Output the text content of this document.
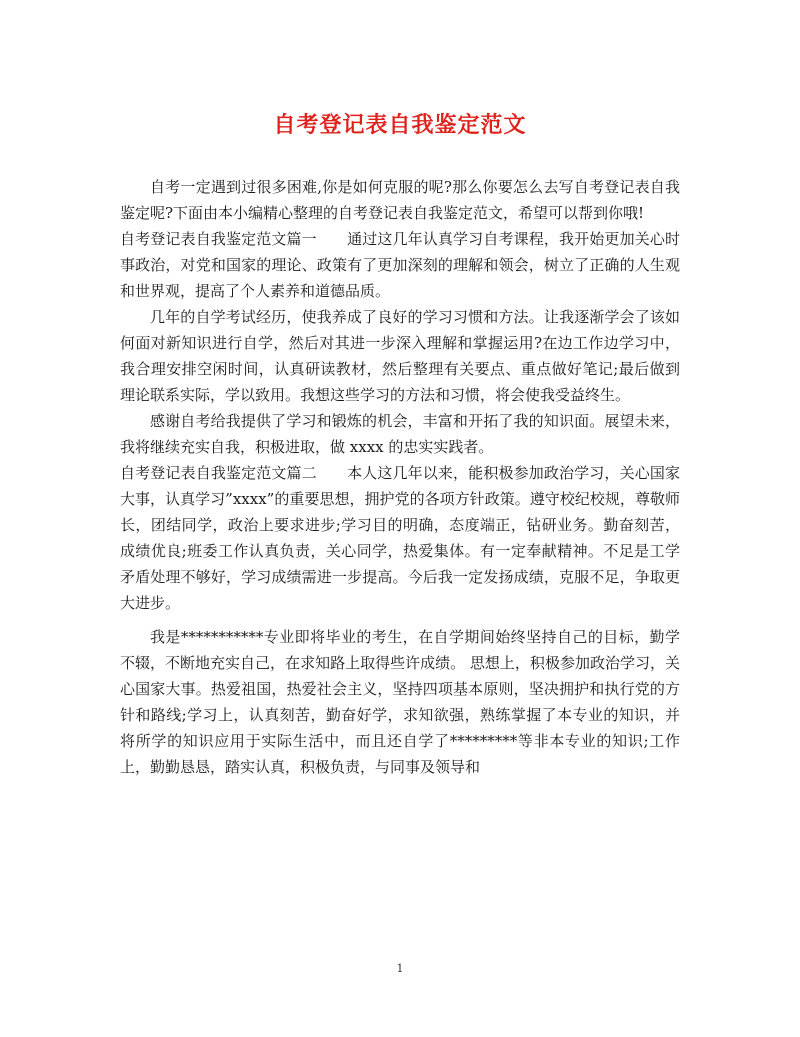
自考登记表自我鉴定范文

自考一定遇到过很多困难,你是如何克服的呢?那么你要怎么去写自考登记表自我鉴定呢?下面由本小编精心整理的自考登记表自我鉴定范文，希望可以帮到你哦!

自考登记表自我鉴定范文篇一　　通过这几年认真学习自考课程，我开始更加关心时事政治，对党和国家的理论、政策有了更加深刻的理解和领会，树立了正确的人生观和世界观，提高了个人素养和道德品质。

几年的自学考试经历，使我养成了良好的学习习惯和方法。让我逐渐学会了该如何面对新知识进行自学，然后对其进一步深入理解和掌握运用?在边工作边学习中，我合理安排空闲时间，认真研读教材，然后整理有关要点、重点做好笔记;最后做到理论联系实际，学以致用。我想这些学习的方法和习惯，将会使我受益终生。

感谢自考给我提供了学习和锻炼的机会，丰富和开拓了我的知识面。展望未来，我将继续充实自我，积极进取，做 xxxx 的忠实实践者。

自考登记表自我鉴定范文篇二　　本人这几年以来，能积极参加政治学习，关心国家大事，认真学习”xxxx”的重要思想，拥护党的各项方针政策。遵守校纪校规，尊敬师长，团结同学，政治上要求进步;学习目的明确，态度端正，钻研业务。勤奋刻苦，成绩优良;班委工作认真负责，关心同学，热爱集体。有一定奉献精神。不足是工学矛盾处理不够好，学习成绩需进一步提高。今后我一定发扬成绩，克服不足，争取更大进步。

我是***********专业即将毕业的考生，在自学期间始终坚持自己的目标，勤学不辍，不断地充实自己，在求知路上取得些许成绩。 思想上，积极参加政治学习，关心国家大事。热爱祖国，热爱社会主义，坚持四项基本原则，坚决拥护和执行党的方针和路线;学习上，认真刻苦，勤奋好学，求知欲强，熟练掌握了本专业的知识，并将所学的知识应用于实际生活中，而且还自学了*********等非本专业的知识;工作上，勤勤恳恳，踏实认真，积极负责，与同事及领导和

1
